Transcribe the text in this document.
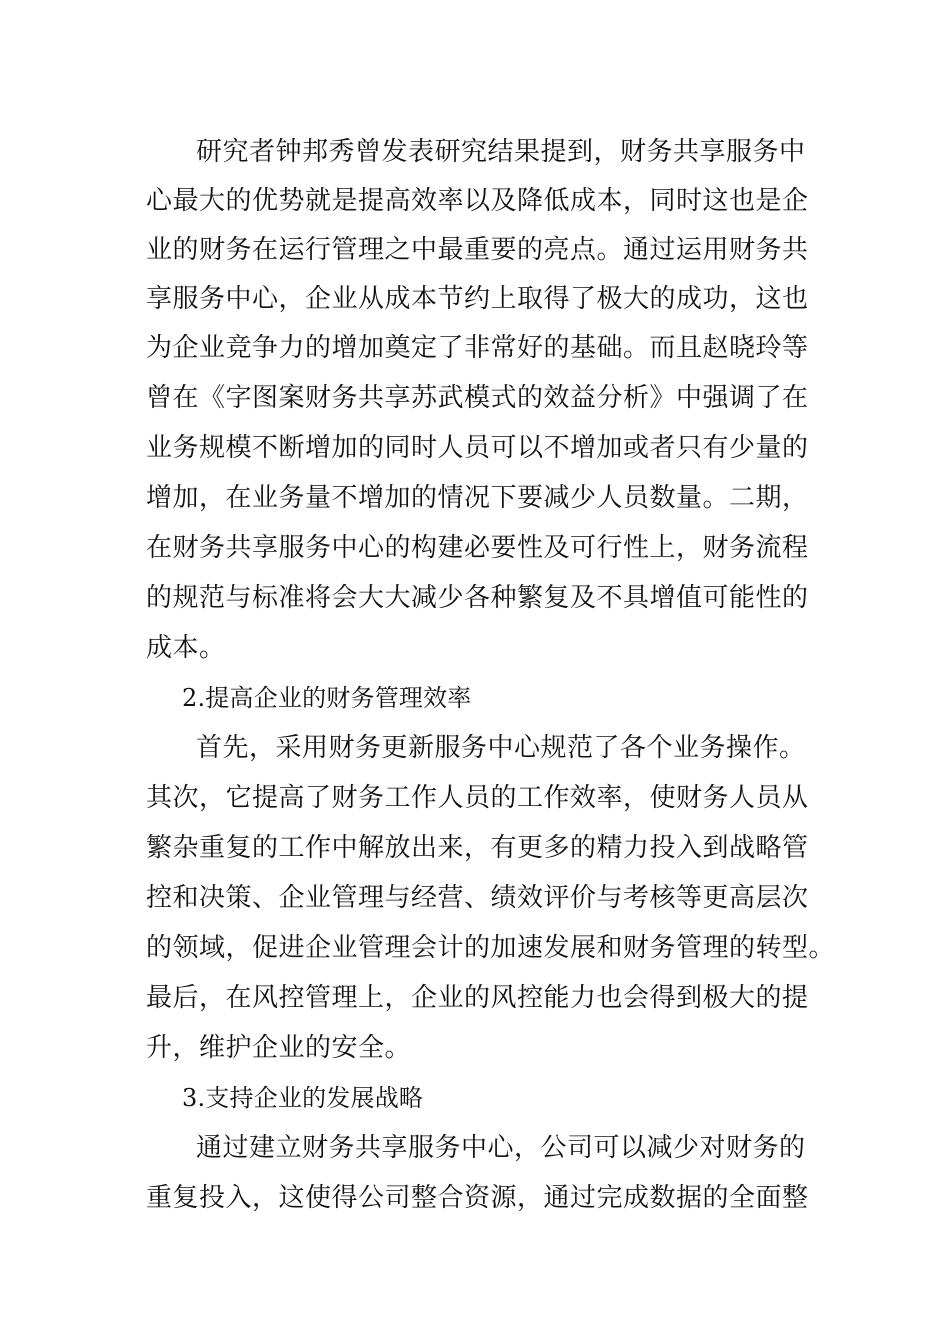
研究者钟邦秀曾发表研究结果提到，财务共享服务中

心最大的优势就是提高效率以及降低成本，同时这也是企

业的财务在运行管理之中最重要的亮点。通过运用财务共

享服务中心，企业从成本节约上取得了极大的成功，这也

为企业竞争力的增加奠定了非常好的基础。而且赵晓玲等

曾在《字图案财务共享苏武模式的效益分析》中强调了在

业务规模不断增加的同时人员可以不增加或者只有少量的

增加，在业务量不增加的情况下要减少人员数量。二期，

在财务共享服务中心的构建必要性及可行性上，财务流程

的规范与标准将会大大减少各种繁复及不具增值可能性的

成本。

2.提高企业的财务管理效率

首先，采用财务更新服务中心规范了各个业务操作。

其次，它提高了财务工作人员的工作效率，使财务人员从

繁杂重复的工作中解放出来，有更多的精力投入到战略管

控和决策、企业管理与经营、绩效评价与考核等更高层次

的领域，促进企业管理会计的加速发展和财务管理的转型。

最后，在风控管理上，企业的风控能力也会得到极大的提

升，维护企业的安全。

3.支持企业的发展战略

通过建立财务共享服务中心，公司可以减少对财务的

重复投入，这使得公司整合资源，通过完成数据的全面整
